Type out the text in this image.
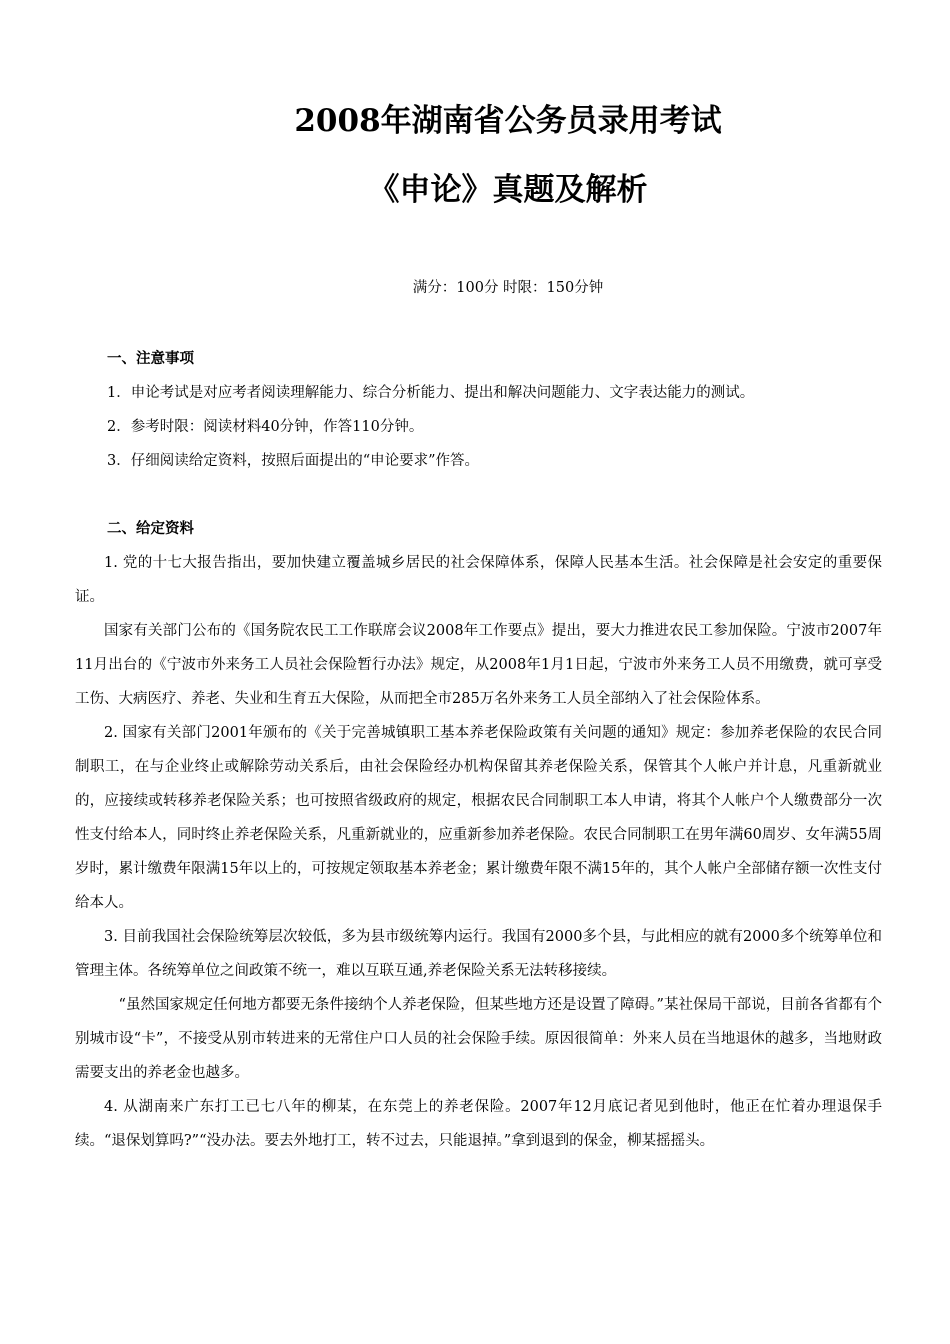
2008年湖南省公务员录用考试
《申论》真题及解析
满分：100分 时限：150分钟
一、注意事项
1．申论考试是对应考者阅读理解能力、综合分析能力、提出和解决问题能力、文字表达能力的测试。
2．参考时限：阅读材料40分钟，作答110分钟。
3．仔细阅读给定资料，按照后面提出的“申论要求”作答。
二、给定资料
1. 党的十七大报告指出，要加快建立覆盖城乡居民的社会保障体系，保障人民基本生活。社会保障是社会安定的重要保证。
国家有关部门公布的《国务院农民工工作联席会议2008年工作要点》提出，要大力推进农民工参加保险。宁波市2007年11月出台的《宁波市外来务工人员社会保险暂行办法》规定，从2008年1月1日起，宁波市外来务工人员不用缴费，就可享受工伤、大病医疗、养老、失业和生育五大保险，从而把全市285万名外来务工人员全部纳入了社会保险体系。
2. 国家有关部门2001年颁布的《关于完善城镇职工基本养老保险政策有关问题的通知》规定：参加养老保险的农民合同制职工，在与企业终止或解除劳动关系后，由社会保险经办机构保留其养老保险关系，保管其个人帐户并计息，凡重新就业的，应接续或转移养老保险关系；也可按照省级政府的规定，根据农民合同制职工本人申请，将其个人帐户个人缴费部分一次性支付给本人，同时终止养老保险关系，凡重新就业的，应重新参加养老保险。农民合同制职工在男年满60周岁、女年满55周岁时，累计缴费年限满15年以上的，可按规定领取基本养老金；累计缴费年限不满15年的，其个人帐户全部储存额一次性支付给本人。
3. 目前我国社会保险统筹层次较低，多为县市级统筹内运行。我国有2000多个县，与此相应的就有2000多个统筹单位和管理主体。各统筹单位之间政策不统一，难以互联互通,养老保险关系无法转移接续。
“虽然国家规定任何地方都要无条件接纳个人养老保险，但某些地方还是设置了障碍。”某社保局干部说，目前各省都有个别城市设“卡”，不接受从别市转进来的无常住户口人员的社会保险手续。原因很简单：外来人员在当地退休的越多，当地财政需要支出的养老金也越多。
4. 从湖南来广东打工已七八年的柳某，在东莞上的养老保险。2007年12月底记者见到他时，他正在忙着办理退保手续。“退保划算吗?”“没办法。要去外地打工，转不过去，只能退掉。”拿到退到的保金，柳某摇摇头。
